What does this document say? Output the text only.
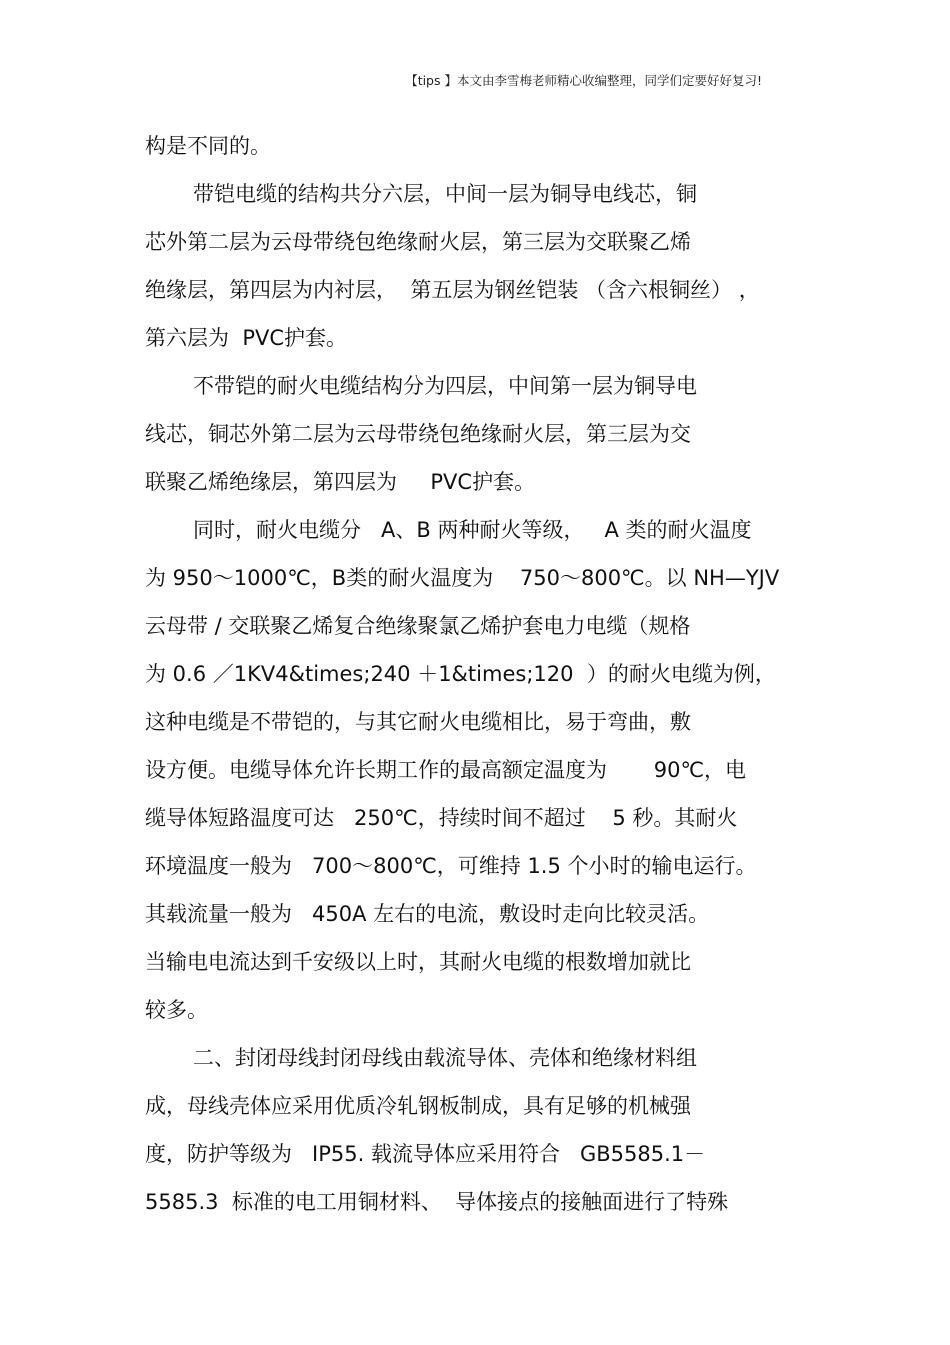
【tips 】本文由李雪梅老师精心收编整理，同学们定要好好复习!
构是不同的。
带铠电缆的结构共分六层，中间一层为铜导电线芯，铜
芯外第二层为云母带绕包绝缘耐火层，第三层为交联聚乙烯
绝缘层，第四层为内衬层，  第五层为钢丝铠装 （含六根铜丝） ，
第六层为  PVC护套。
不带铠的耐火电缆结构分为四层，中间第一层为铜导电
线芯，铜芯外第二层为云母带绕包绝缘耐火层，第三层为交
联聚乙烯绝缘层，第四层为     PVC护套。
同时，耐火电缆分   A、B 两种耐火等级，   A 类的耐火温度
为 950～1000℃，B类的耐火温度为    750～800℃。以 NH—YJV
云母带 / 交联聚乙烯复合绝缘聚氯乙烯护套电力电缆（规格
为 0.6 ／1KV4&times;240 ＋1&times;120  ）的耐火电缆为例，
这种电缆是不带铠的，与其它耐火电缆相比，易于弯曲，敷
设方便。电缆导体允许长期工作的最高额定温度为       90℃，电
缆导体短路温度可达   250℃，持续时间不超过    5 秒。其耐火
环境温度一般为   700～800℃，可维持 1.5 个小时的输电运行。
其载流量一般为   450A 左右的电流，敷设时走向比较灵活。
当输电电流达到千安级以上时，其耐火电缆的根数增加就比
较多。
二、封闭母线封闭母线由载流导体、壳体和绝缘材料组
成，母线壳体应采用优质冷轧钢板制成，具有足够的机械强
度，防护等级为   IP55. 载流导体应采用符合   GB5585.1－
5585.3  标准的电工用铜材料、  导体接点的接触面进行了特殊
